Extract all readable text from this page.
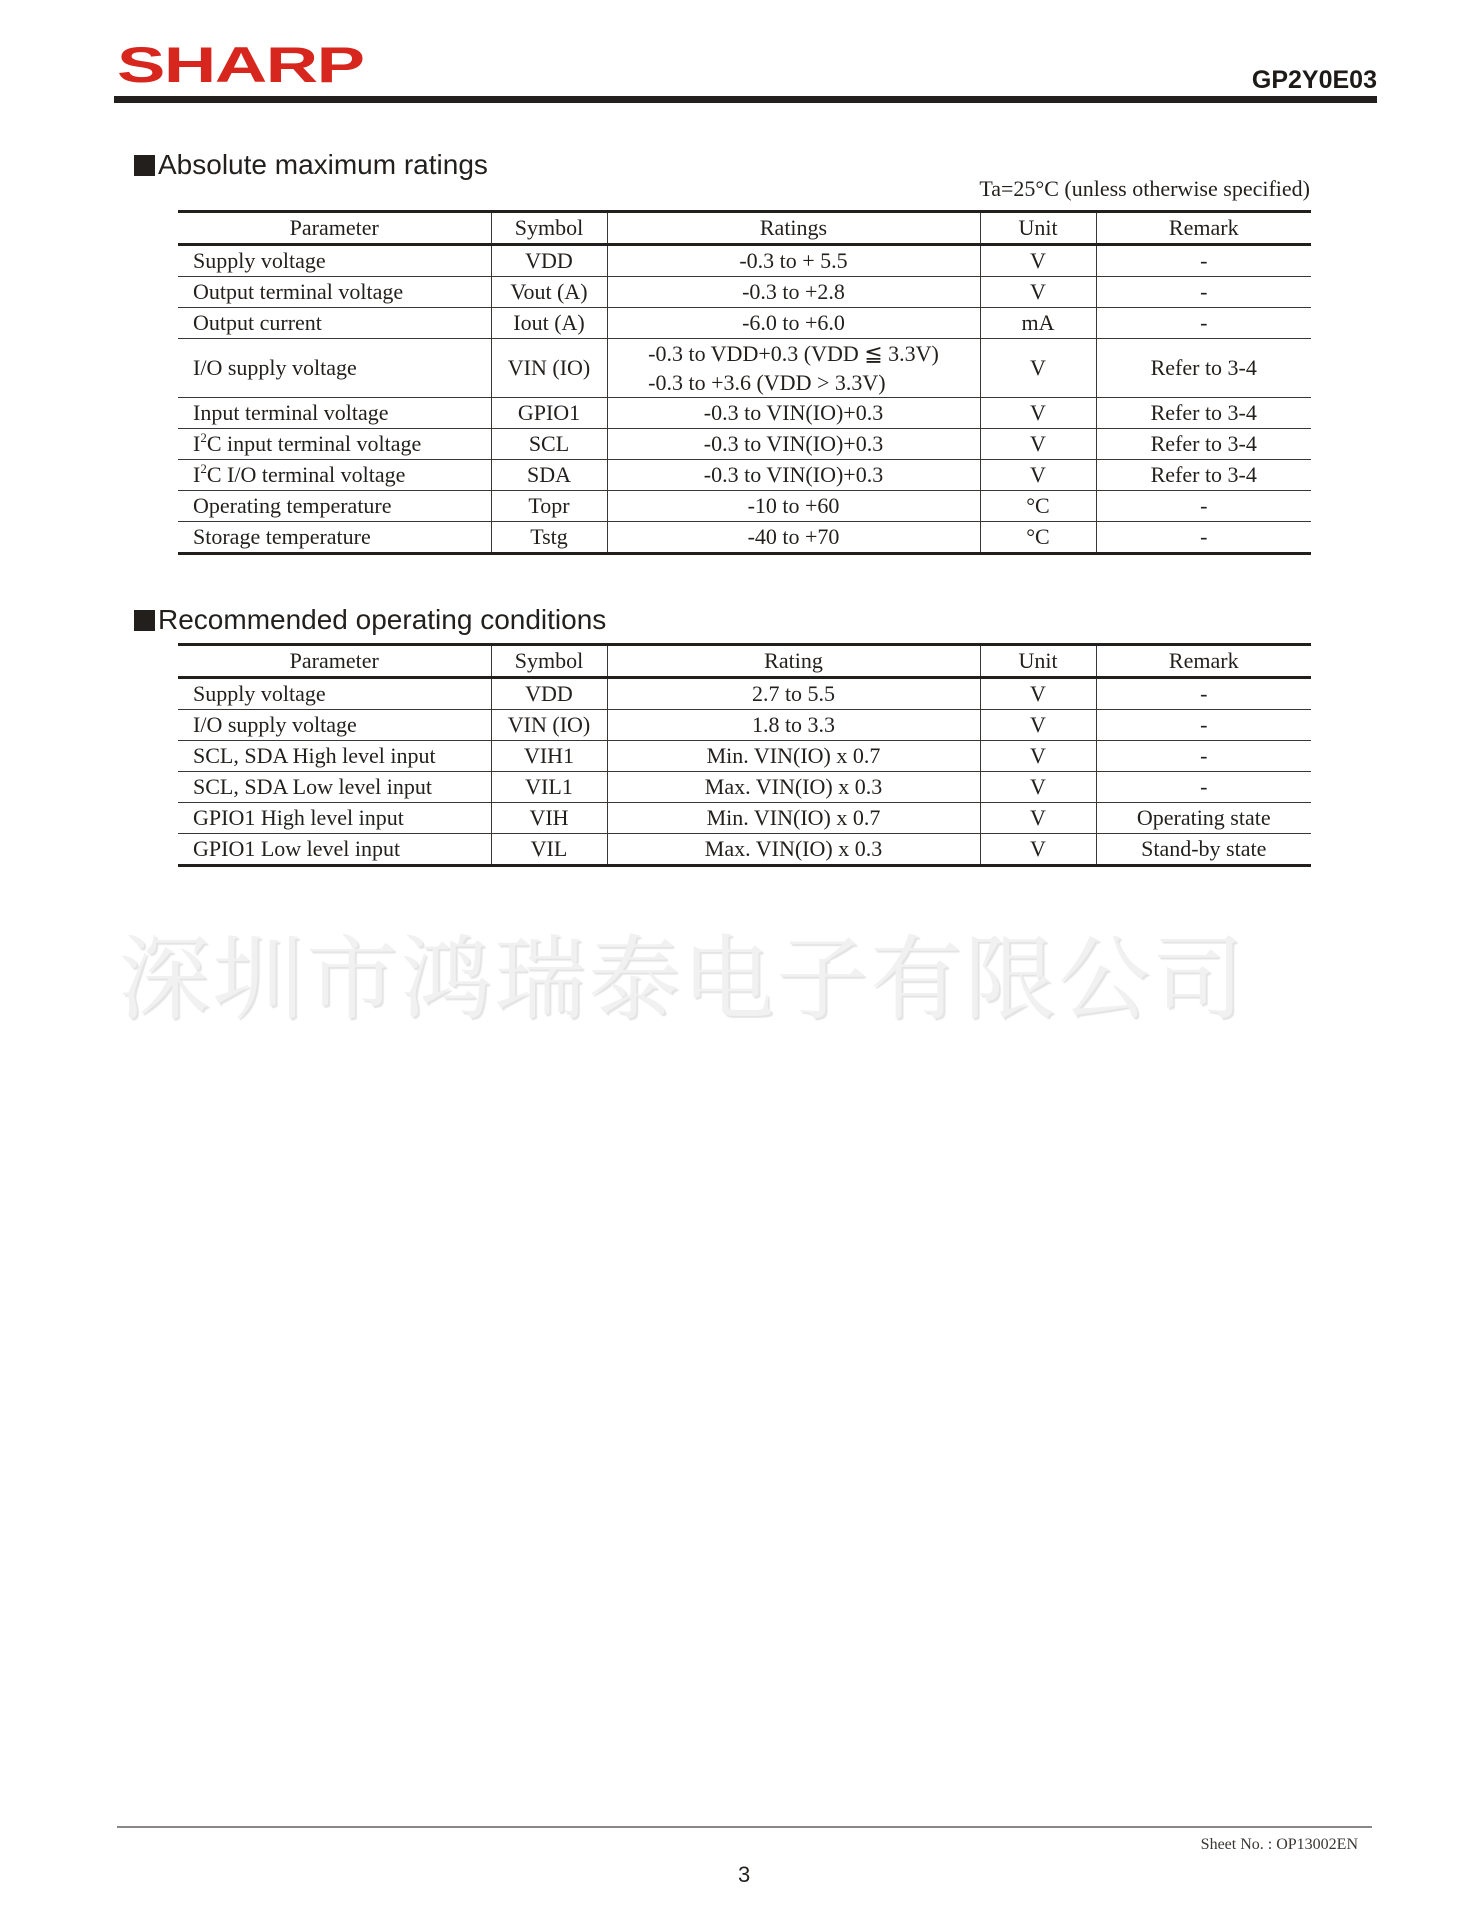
SHARP	GP2Y0E03
Absolute maximum ratings
Ta=25°C (unless otherwise specified)
Parameter	Symbol	Ratings	Unit	Remark
Supply voltage	VDD	-0.3 to + 5.5	V	-
Output terminal voltage	Vout (A)	-0.3 to +2.8	V	-
Output current	Iout (A)	-6.0 to +6.0	mA	-
I/O supply voltage	VIN (IO)	-0.3 to VDD+0.3 (VDD ≦ 3.3V)
-0.3 to +3.6 (VDD > 3.3V)	V	Refer to 3-4
Input terminal voltage	GPIO1	-0.3 to VIN(IO)+0.3	V	Refer to 3-4
$I^2C$ input terminal voltage	SCL	-0.3 to VIN(IO)+0.3	V	Refer to 3-4
$I^2C$ I/O terminal voltage	SDA	-0.3 to VIN(IO)+0.3	V	Refer to 3-4
Operating temperature	Topr	-10 to +60	°C	-
Storage temperature	Tstg	-40 to +70	°C	-
Recommended operating conditions
Parameter	Symbol	Rating	Unit	Remark
Supply voltage	VDD	2.7 to 5.5	V	-
I/O supply voltage	VIN (IO)	1.8 to 3.3	V	-
SCL, SDA High level input	VIH1	Min. VIN(IO) x 0.7	V	-
SCL, SDA Low level input	VIL1	Max. VIN(IO) x 0.3	V	-
GPIO1 High level input	VIH	Min. VIN(IO) x 0.7	V	Operating state
GPIO1 Low level input	VIL	Max. VIN(IO) x 0.3	V	Stand-by state
深圳市鸿瑞泰电子有限公司
Sheet No. : OP13002EN
3
